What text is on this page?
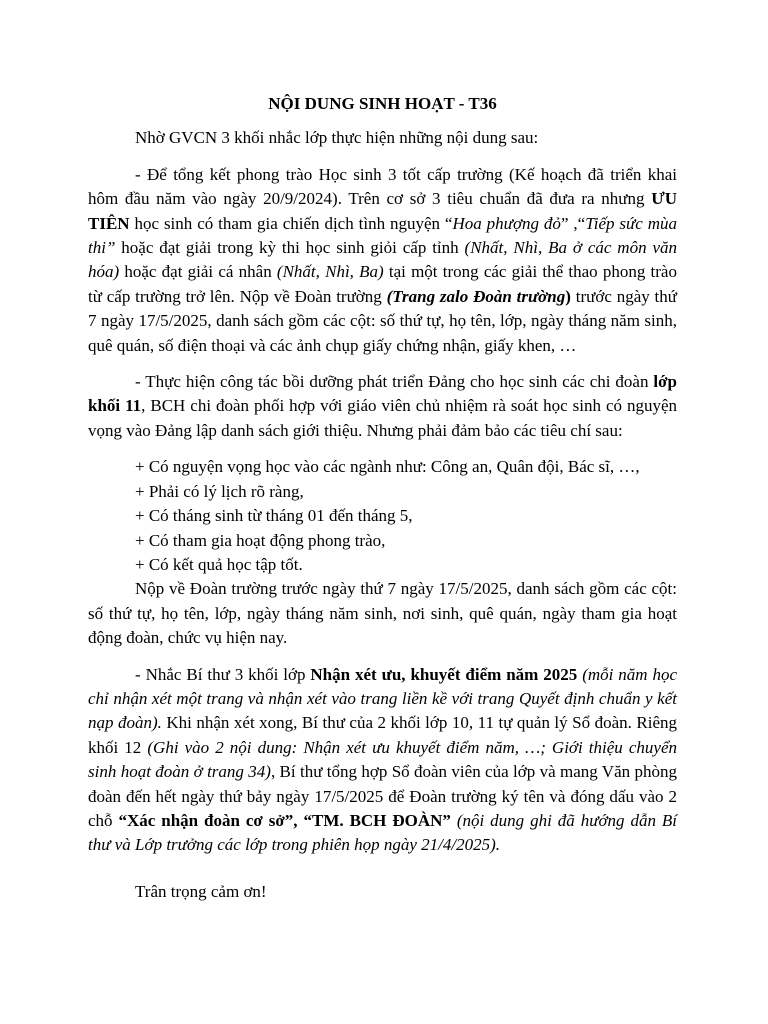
NỘI DUNG SINH HOẠT - T36

Nhờ GVCN 3 khối nhắc lớp thực hiện những nội dung sau:

- Để tổng kết phong trào Học sinh 3 tốt cấp trường (Kế hoạch đã triển khai hôm đầu năm vào ngày 20/9/2024). Trên cơ sở 3 tiêu chuẩn đã đưa ra nhưng ƯU TIÊN học sinh có tham gia chiến dịch tình nguyện “Hoa phượng đỏ” ,“Tiếp sức mùa thi” hoặc đạt giải trong kỳ thi học sinh giỏi cấp tỉnh (Nhất, Nhì, Ba ở các môn văn hóa) hoặc đạt giải cá nhân (Nhất, Nhì, Ba) tại một trong các giải thể thao phong trào từ cấp trường trở lên. Nộp về Đoàn trường (Trang zalo Đoàn trường) trước ngày thứ 7 ngày 17/5/2025, danh sách gồm các cột: số thứ tự, họ tên, lớp, ngày tháng năm sinh, quê quán, số điện thoại và các ảnh chụp giấy chứng nhận, giấy khen, …

- Thực hiện công tác bồi dưỡng phát triển Đảng cho học sinh các chi đoàn lớp khối 11, BCH chi đoàn phối hợp với giáo viên chủ nhiệm rà soát học sinh có nguyện vọng vào Đảng lập danh sách giới thiệu. Nhưng phải đảm bảo các tiêu chí sau:

+ Có nguyện vọng học vào các ngành như: Công an, Quân đội, Bác sĩ, …,

+ Phải có lý lịch rõ ràng,

+ Có tháng sinh từ tháng 01 đến tháng 5,

+ Có tham gia hoạt động phong trào,

+ Có kết quả học tập tốt.

Nộp về Đoàn trường trước ngày thứ 7 ngày 17/5/2025, danh sách gồm các cột: số thứ tự, họ tên, lớp, ngày tháng năm sinh, nơi sinh, quê quán, ngày tham gia hoạt động đoàn, chức vụ hiện nay.

- Nhắc Bí thư 3 khối lớp Nhận xét ưu, khuyết điểm năm 2025 (mỗi năm học chỉ nhận xét một trang và nhận xét vào trang liền kề với trang Quyết định chuẩn y kết nạp đoàn). Khi nhận xét xong, Bí thư của 2 khối lớp 10, 11 tự quản lý Sổ đoàn. Riêng khối 12 (Ghi vào 2 nội dung: Nhận xét ưu khuyết điểm năm, …; Giới thiệu chuyển sinh hoạt đoàn ở trang 34), Bí thư tổng hợp Sổ đoàn viên của lớp và mang Văn phòng đoàn đến hết ngày thứ bảy ngày 17/5/2025 để Đoàn trường ký tên và đóng dấu vào 2 chỗ “Xác nhận đoàn cơ sở”, “TM. BCH ĐOÀN” (nội dung ghi đã hướng dẫn Bí thư và Lớp trưởng các lớp trong phiên họp ngày 21/4/2025).

Trân trọng cảm ơn!
